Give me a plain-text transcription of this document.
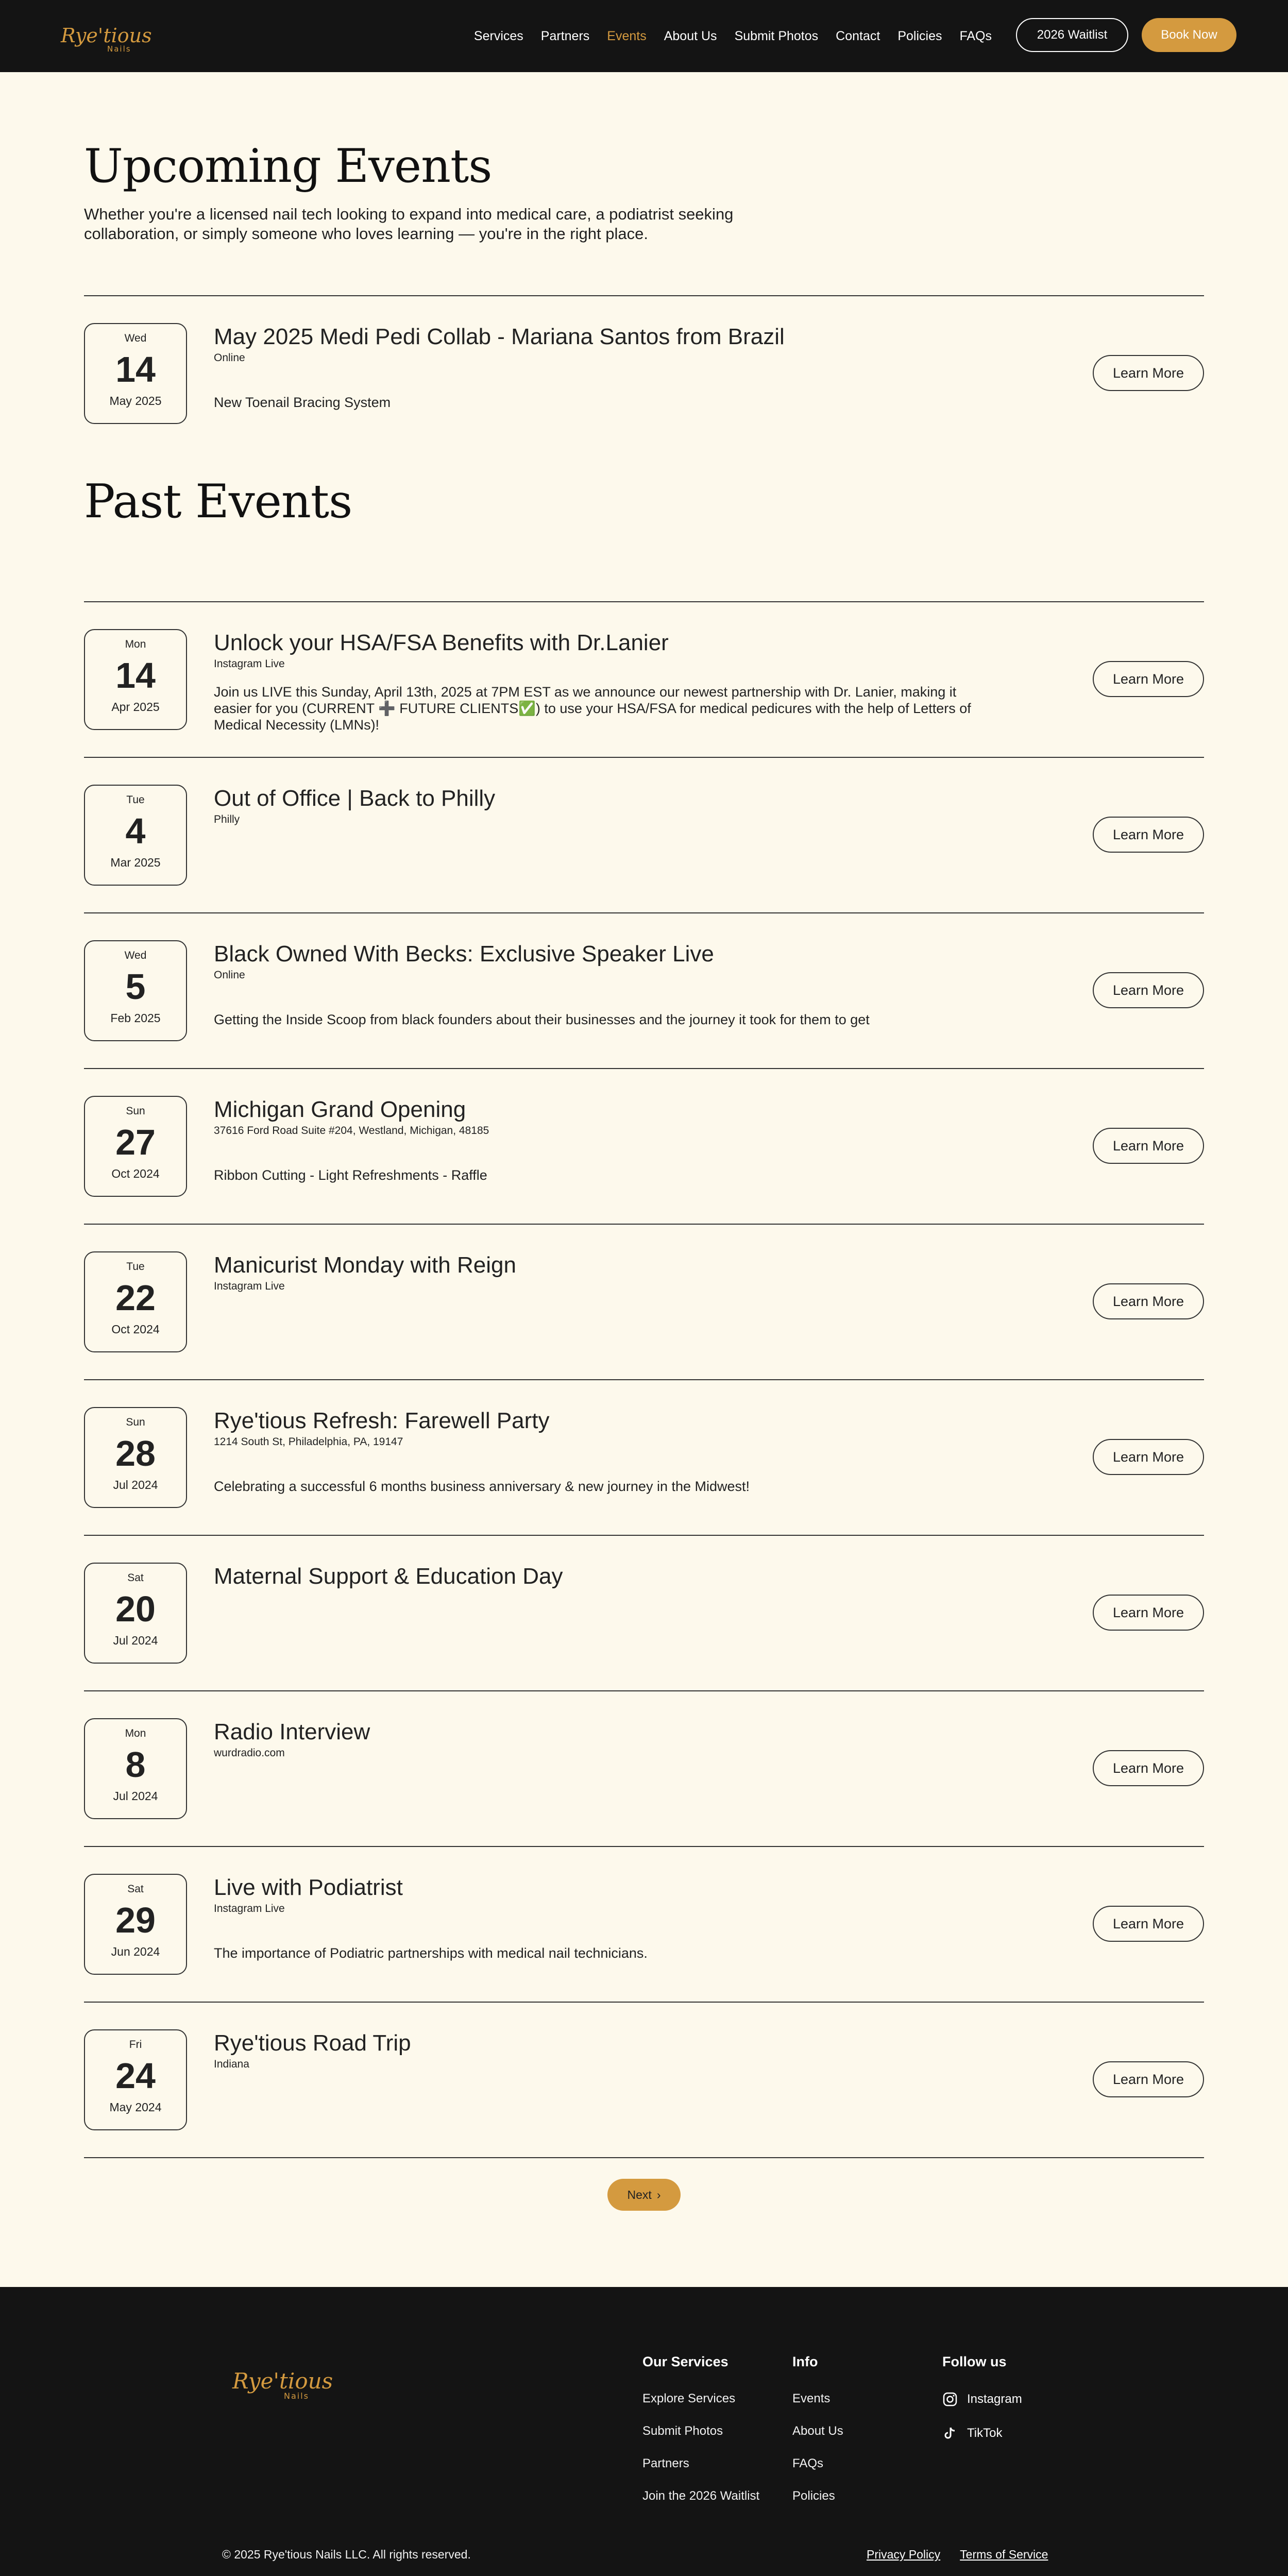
Rye'tious
Nails
Services Partners Events About Us Submit Photos Contact Policies FAQs	2026 Waitlist	Book Now
Upcoming Events

Whether you're a licensed nail tech looking to expand into medical care, a podiatrist seeking collaboration, or simply someone who loves learning — you're in the right place.

Wed
14
May 2025
May 2025 Medi Pedi Collab - Mariana Santos from Brazil
Online
New Toenail Bracing System
Learn More
Past Events
Mon
14
Apr 2025
Unlock your HSA/FSA Benefits with Dr.Lanier
Instagram Live
Join us LIVE this Sunday, April 13th, 2025 at 7PM EST as we announce our newest partnership with Dr. Lanier, making it easier for you (CURRENT ➕ FUTURE CLIENTS✅) to use your HSA/FSA for medical pedicures with the help of Letters of Medical Necessity (LMNs)!
Learn More
Tue
4
Mar 2025
Out of Office | Back to Philly
Philly
Learn More
Wed
5
Feb 2025
Black Owned With Becks: Exclusive Speaker Live
Online
Getting the Inside Scoop from black founders about their businesses and the journey it took for them to get
Learn More
Sun
27
Oct 2024
Michigan Grand Opening
37616 Ford Road Suite #204, Westland, Michigan, 48185
Ribbon Cutting - Light Refreshments - Raffle
Learn More
Tue
22
Oct 2024
Manicurist Monday with Reign
Instagram Live
Learn More
Sun
28
Jul 2024
Rye'tious Refresh: Farewell Party
1214 South St, Philadelphia, PA, 19147
Celebrating a successful 6 months business anniversary & new journey in the Midwest!
Learn More
Sat
20
Jul 2024
Maternal Support & Education Day
Learn More
Mon
8
Jul 2024
Radio Interview
wurdradio.com
Learn More
Sat
29
Jun 2024
Live with Podiatrist
Instagram Live
The importance of Podiatric partnerships with medical nail technicians.
Learn More
Fri
24
May 2024
Rye'tious Road Trip
Indiana
Learn More
Next ›
Rye'tious
Nails
Our Services
Explore Services
Submit Photos
Partners
Join the 2026 Waitlist
Info
Events
About Us
FAQs
Policies
Follow us
Instagram
TikTok
© 2025 Rye'tious Nails LLC. All rights reserved.	Privacy Policy Terms of Service
